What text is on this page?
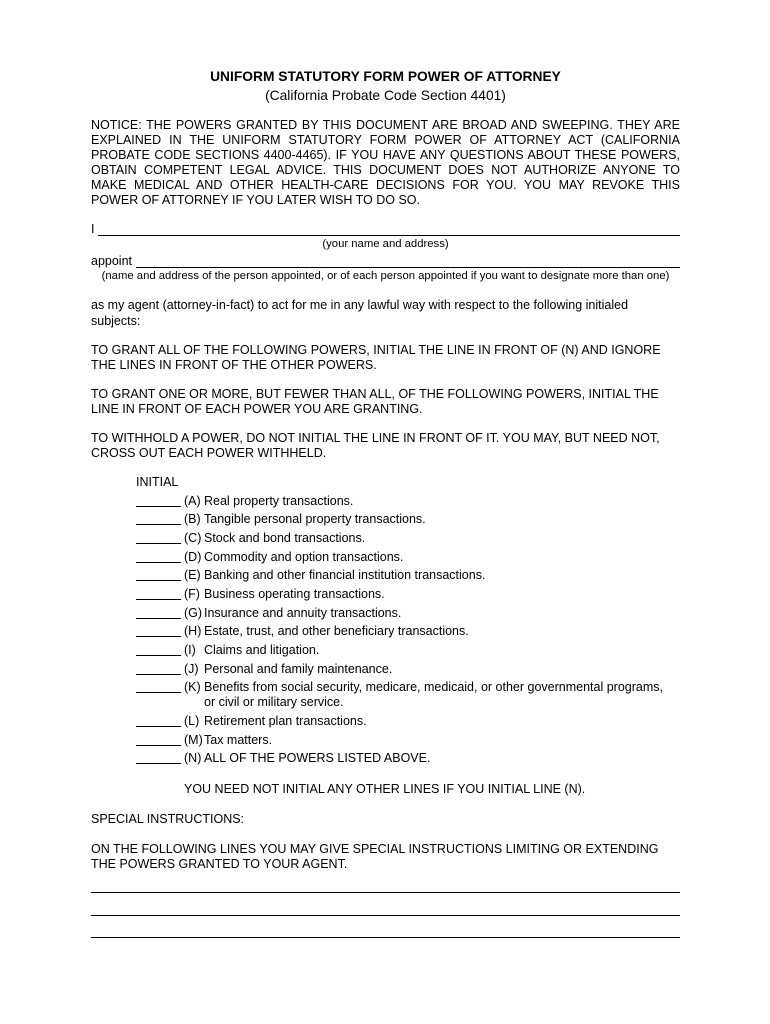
UNIFORM STATUTORY FORM POWER OF ATTORNEY
(California Probate Code Section 4401)
NOTICE: THE POWERS GRANTED BY THIS DOCUMENT ARE BROAD AND SWEEPING. THEY ARE
EXPLAINED IN THE UNIFORM STATUTORY FORM POWER OF ATTORNEY ACT (CALIFORNIA
PROBATE CODE SECTIONS 4400-4465). IF YOU HAVE ANY QUESTIONS ABOUT THESE POWERS,
OBTAIN COMPETENT LEGAL ADVICE. THIS DOCUMENT DOES NOT AUTHORIZE ANYONE TO
MAKE MEDICAL AND OTHER HEALTH-CARE DECISIONS FOR YOU. YOU MAY REVOKE THIS
POWER OF ATTORNEY IF YOU LATER WISH TO DO SO.
I
(your name and address)
appoint
(name and address of the person appointed, or of each person appointed if you want to designate more than one)
as my agent (attorney-in-fact) to act for me in any lawful way with respect to the following initialed
subjects:
TO GRANT ALL OF THE FOLLOWING POWERS, INITIAL THE LINE IN FRONT OF (N) AND IGNORE
THE LINES IN FRONT OF THE OTHER POWERS.
TO GRANT ONE OR MORE, BUT FEWER THAN ALL, OF THE FOLLOWING POWERS, INITIAL THE
LINE IN FRONT OF EACH POWER YOU ARE GRANTING.
TO WITHHOLD A POWER, DO NOT INITIAL THE LINE IN FRONT OF IT. YOU MAY, BUT NEED NOT,
CROSS OUT EACH POWER WITHHELD.
INITIAL
(A) Real property transactions.
(B) Tangible personal property transactions.
(C) Stock and bond transactions.
(D) Commodity and option transactions.
(E) Banking and other financial institution transactions.
(F) Business operating transactions.
(G) Insurance and annuity transactions.
(H) Estate, trust, and other beneficiary transactions.
(I) Claims and litigation.
(J) Personal and family maintenance.
(K) Benefits from social security, medicare, medicaid, or other governmental programs,
or civil or military service.
(L) Retirement plan transactions.
(M) Tax matters.
(N) ALL OF THE POWERS LISTED ABOVE.
YOU NEED NOT INITIAL ANY OTHER LINES IF YOU INITIAL LINE (N).
SPECIAL INSTRUCTIONS:
ON THE FOLLOWING LINES YOU MAY GIVE SPECIAL INSTRUCTIONS LIMITING OR EXTENDING
THE POWERS GRANTED TO YOUR AGENT.
